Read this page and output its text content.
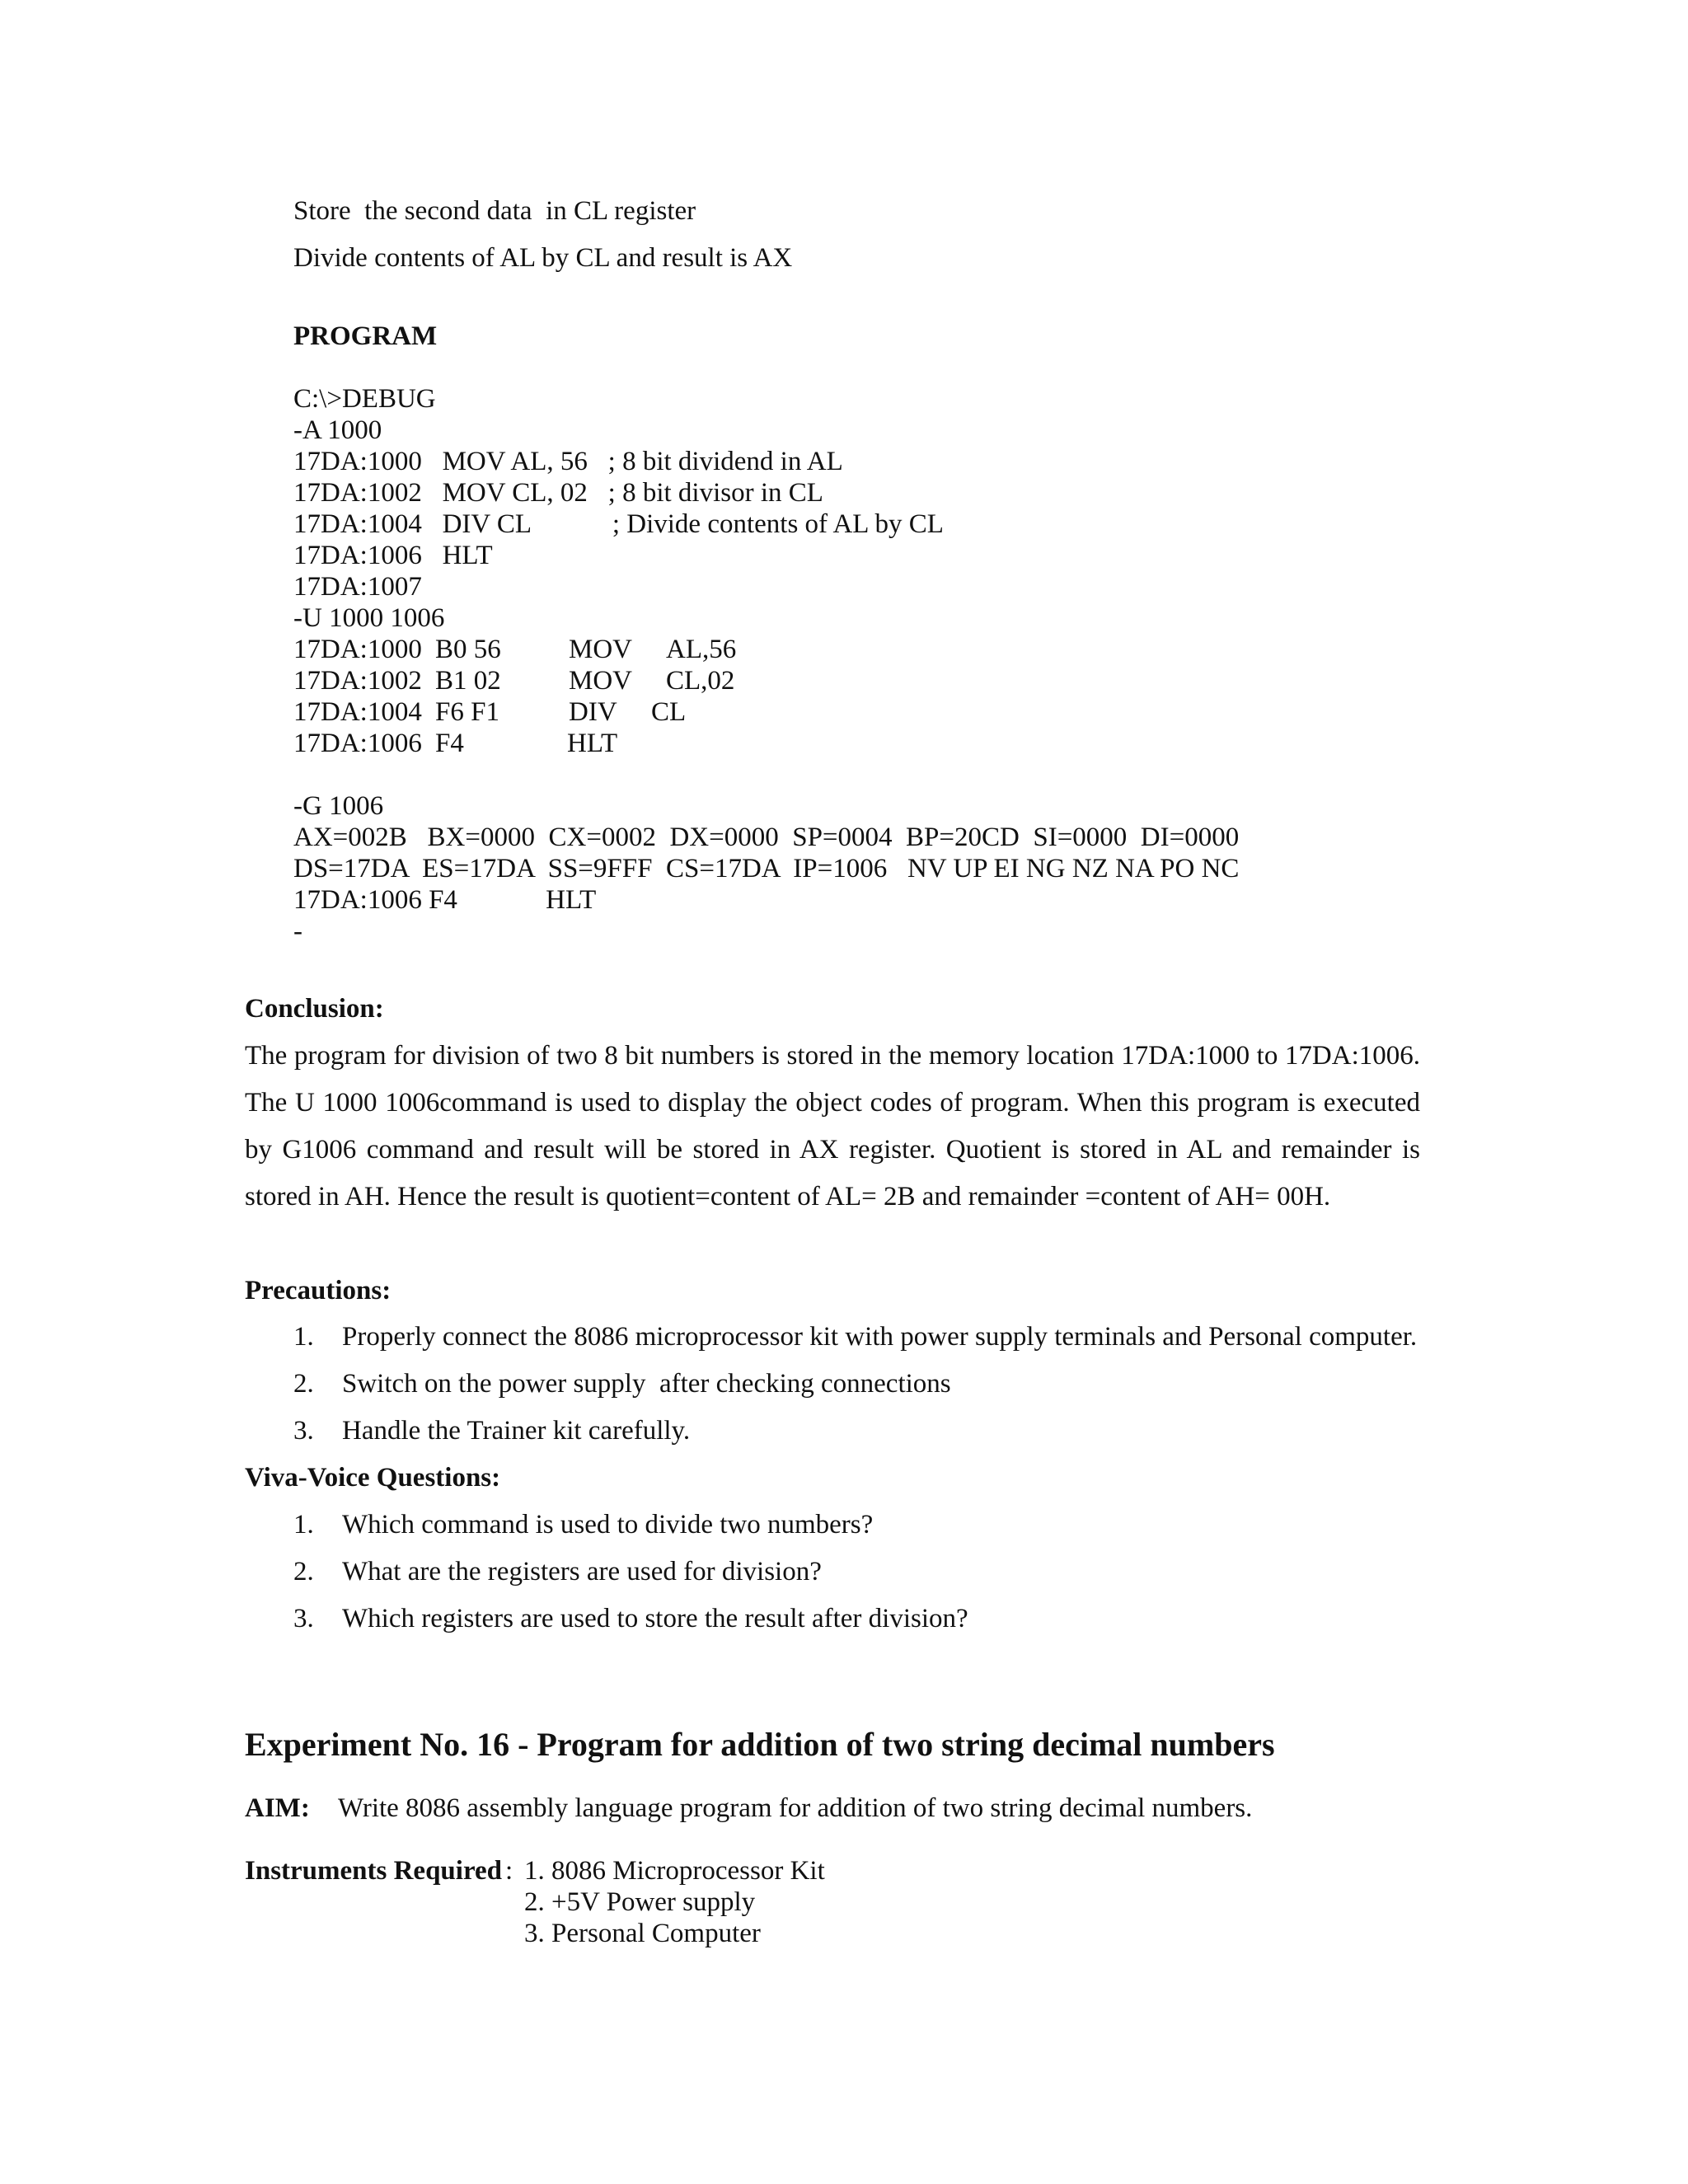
Store  the second data  in CL register

Divide contents of AL by CL and result is AX

PROGRAM

C:\>DEBUG

-A 1000

17DA:1000   MOV AL, 56   ; 8 bit dividend in AL

17DA:1002   MOV CL, 02   ; 8 bit divisor in CL

17DA:1004   DIV CL            ; Divide contents of AL by CL

17DA:1006   HLT

17DA:1007

-U 1000 1006

17DA:1000 B0 56 MOV AL,56

17DA:1002 B1 02 MOV CL,02

17DA:1004 F6 F1	DIV CL

17DA:1006 F4	HLT

-G 1006

AX=002B   BX=0000  CX=0002  DX=0000  SP=0004  BP=20CD  SI=0000  DI=0000

DS=17DA  ES=17DA  SS=9FFF  CS=17DA  IP=1006   NV UP EI NG NZ NA PO NC

17DA:1006 F4             HLT

-

Conclusion:

The program for division of two 8 bit numbers is stored in the memory location 17DA:1000 to 17DA:1006.

The U 1000 1006command is used to display the object codes of program. When this program is executed

by G1006 command and result will be stored in AX register. Quotient is stored in AL and remainder is

stored in AH. Hence the result is quotient=content of AL= 2B and remainder =content of AH= 00H.

Precautions:

1. Properly connect the 8086 microprocessor kit with power supply terminals and Personal computer.

2. Switch on the power supply  after checking connections

3. Handle the Trainer kit carefully.

Viva-Voice Questions:

1. Which command is used to divide two numbers?

2. What are the registers are used for division?

3. Which registers are used to store the result after division?

Experiment No. 16 - Program for addition of two string decimal numbers

AIM: Write 8086 assembly language program for addition of two string decimal numbers.

Instruments Required : 1. 8086 Microprocessor Kit

2. +5V Power supply

3. Personal Computer
